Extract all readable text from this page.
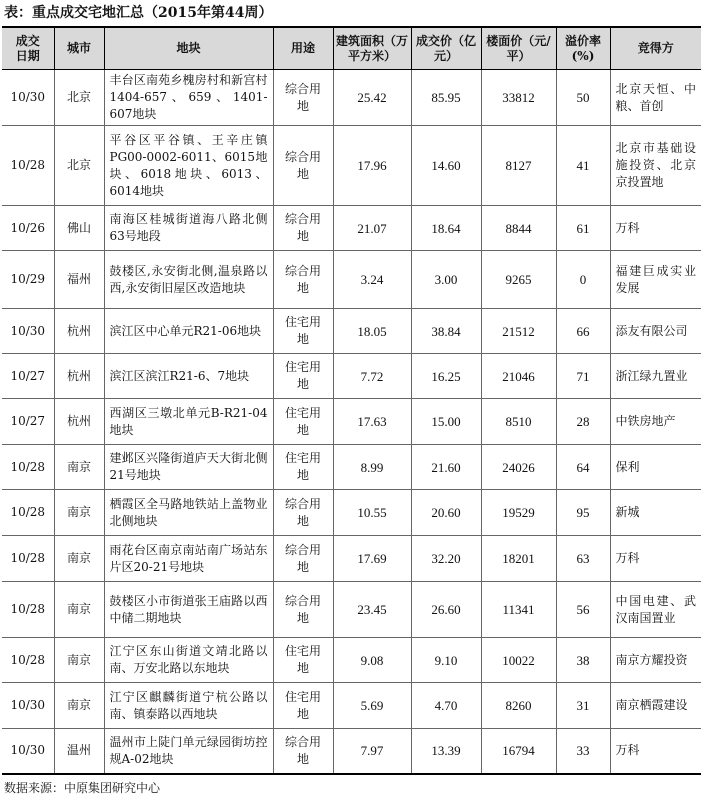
表：重点成交宅地汇总（2015年第44周）
成交日期	城市	地块	用途	建筑面积（万平方米）	成交价（亿元）	楼面价（元/平）	溢价率(%)	竞得方
10/30	北京	丰台区南苑乡槐房村和新宫村1404-657、659、1401-607地块	综合用地	25.42	85.95	33812	50	北京天恒、中粮、首创
10/28	北京	平谷区平谷镇、王辛庄镇PG00-0002-6011、6015地块、6018地块、6013、6014地块	综合用地	17.96	14.60	8127	41	北京市基础设施投资、北京京投置地
10/26	佛山	南海区桂城街道海八路北侧63号地段	综合用地	21.07	18.64	8844	61	万科
10/29	福州	鼓楼区,永安街北侧,温泉路以西,永安街旧屋区改造地块	综合用地	3.24	3.00	9265	0	福建巨成实业发展
10/30	杭州	滨江区中心单元R21-06地块	住宅用地	18.05	38.84	21512	66	添友有限公司
10/27	杭州	滨江区滨江R21-6、7地块	住宅用地	7.72	16.25	21046	71	浙江绿九置业
10/27	杭州	西湖区三墩北单元B-R21-04地块	住宅用地	17.63	15.00	8510	28	中铁房地产
10/28	南京	建邺区兴隆街道庐天大街北侧21号地块	住宅用地	8.99	21.60	24026	64	保利
10/28	南京	栖霞区全马路地铁站上盖物业北侧地块	综合用地	10.55	20.60	19529	95	新城
10/28	南京	雨花台区南京南站南广场站东片区20-21号地块	综合用地	17.69	32.20	18201	63	万科
10/28	南京	鼓楼区小市街道张王庙路以西中储二期地块	综合用地	23.45	26.60	11341	56	中国电建、武汉南国置业
10/28	南京	江宁区东山街道文靖北路以南、万安北路以东地块	住宅用地	9.08	9.10	10022	38	南京方耀投资
10/30	南京	江宁区麒麟街道宁杭公路以南、镇泰路以西地块	住宅用地	5.69	4.70	8260	31	南京栖霞建设
10/30	温州	温州市上陡门单元绿园街坊控规A-02地块	综合用地	7.97	13.39	16794	33	万科
数据来源：中原集团研究中心
